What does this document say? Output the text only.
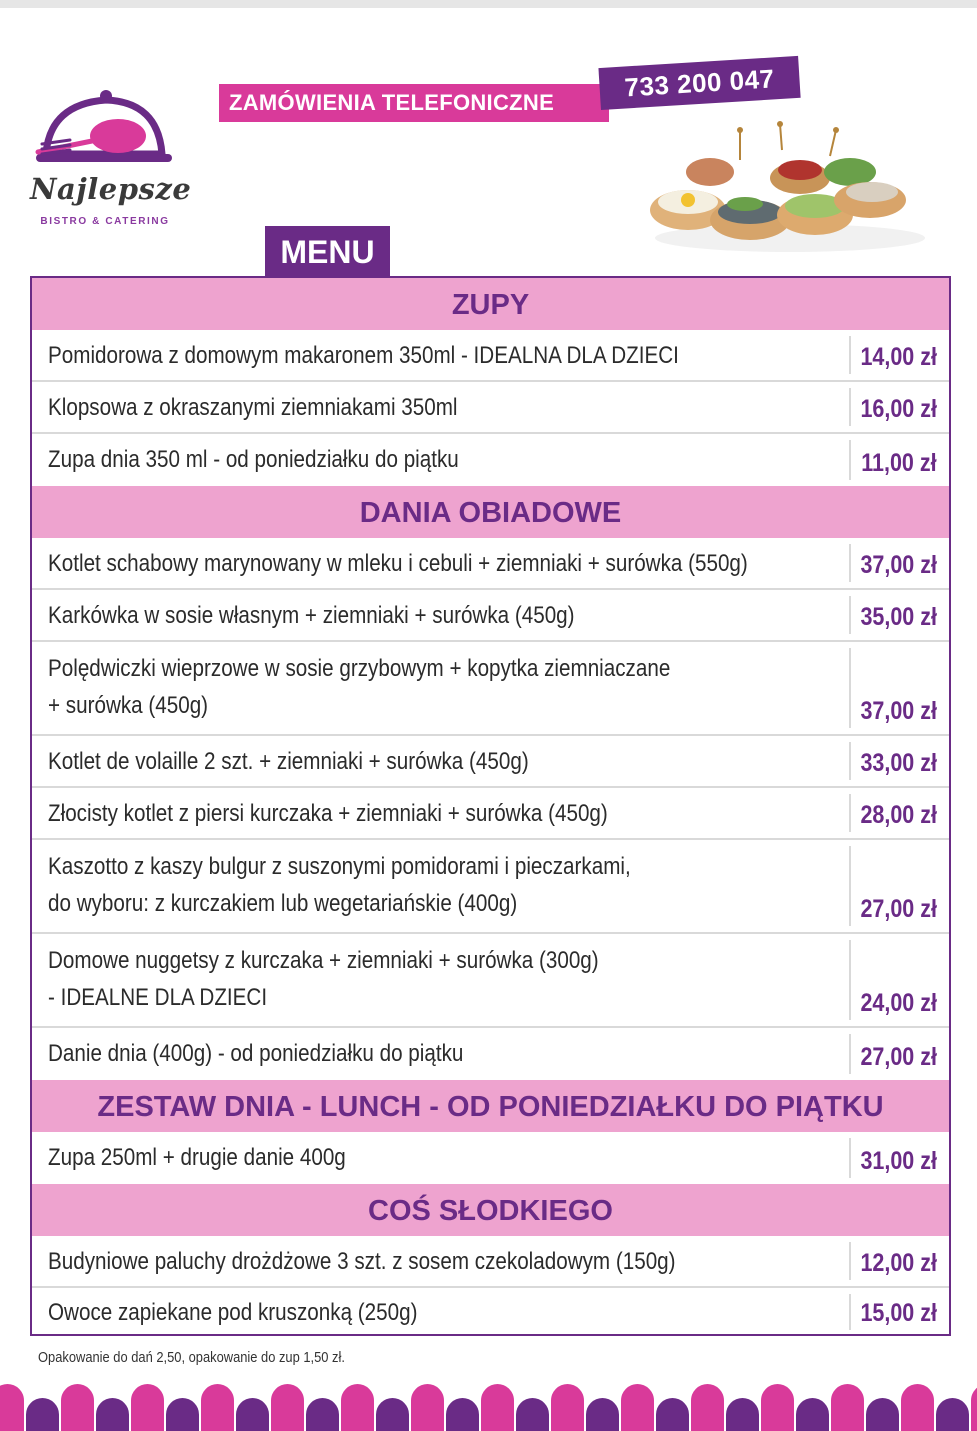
Najlepsze
BISTRO & CATERING
ZAMÓWIENIA TELEFONICZNE
733 200 047
MENU
ZUPY
Pomidorowa z domowym makaronem 350ml - IDEALNA DLA DZIECI	14,00 zł
Klopsowa z okraszanymi ziemniakami 350ml	16,00 zł
Zupa dnia 350 ml - od poniedziałku do piątku	11,00 zł
DANIA OBIADOWE
Kotlet schabowy marynowany w mleku i cebuli + ziemniaki + surówka (550g)	37,00 zł
Karkówka w sosie własnym + ziemniaki + surówka (450g)	35,00 zł
Polędwiczki wieprzowe w sosie grzybowym + kopytka ziemniaczane
+ surówka (450g)	37,00 zł
Kotlet de volaille 2 szt. + ziemniaki + surówka (450g)	33,00 zł
Złocisty kotlet z piersi kurczaka + ziemniaki + surówka (450g)	28,00 zł
Kaszotto z kaszy bulgur z suszonymi pomidorami i pieczarkami,
do wyboru: z kurczakiem lub wegetariańskie (400g)	27,00 zł
Domowe nuggetsy z kurczaka + ziemniaki + surówka (300g)
- IDEALNE DLA DZIECI	24,00 zł
Danie dnia (400g) - od poniedziałku do piątku	27,00 zł
ZESTAW DNIA - LUNCH - OD PONIEDZIAŁKU DO PIĄTKU
Zupa 250ml + drugie danie 400g	31,00 zł
COŚ SŁODKIEGO
Budyniowe paluchy drożdżowe 3 szt. z sosem czekoladowym (150g)	12,00 zł
Owoce zapiekane pod kruszonką (250g)	15,00 zł
Opakowanie do dań 2,50, opakowanie do zup 1,50 zł.
